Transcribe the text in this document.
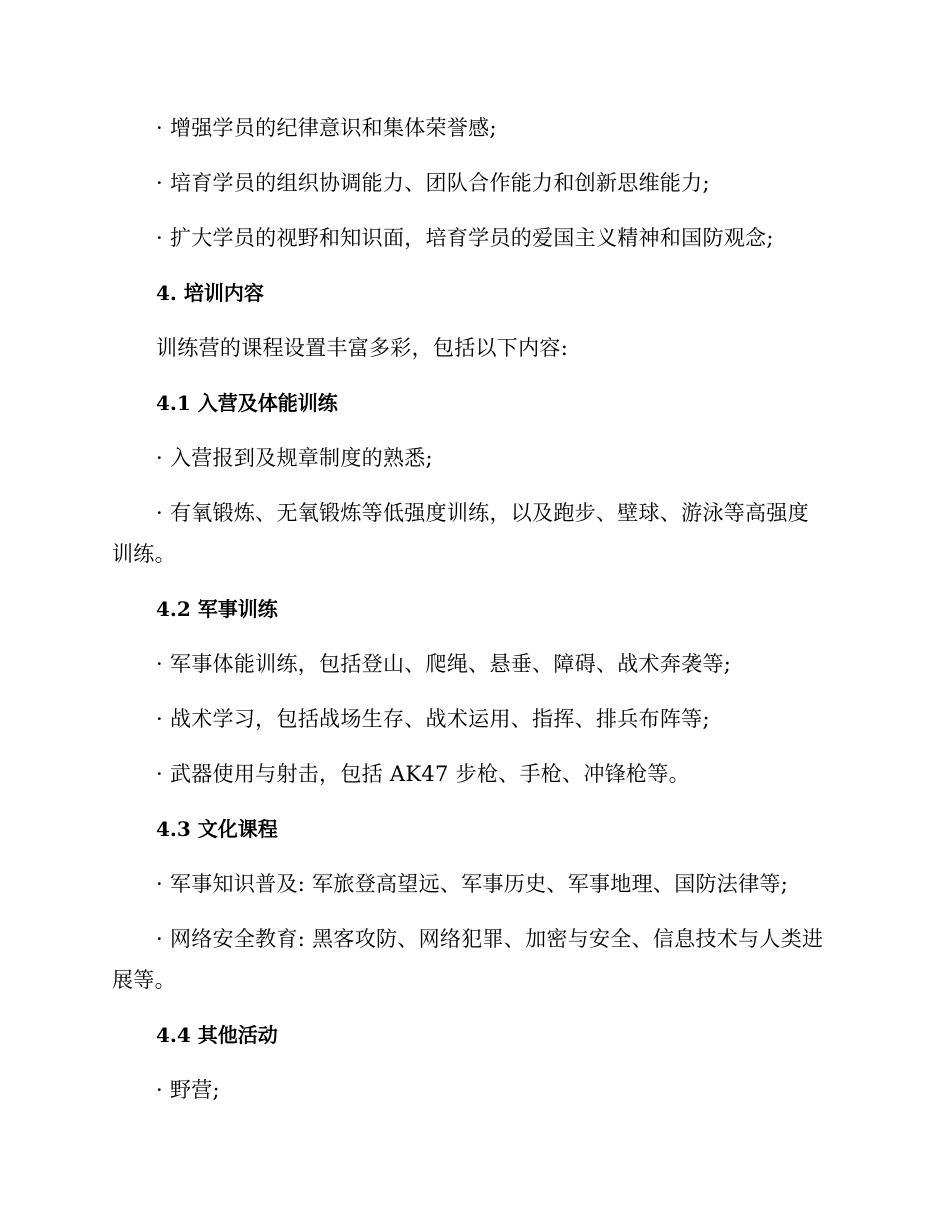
· 增强学员的纪律意识和集体荣誉感;

· 培育学员的组织协调能力、团队合作能力和创新思维能力;

· 扩大学员的视野和知识面，培育学员的爱国主义精神和国防观念;

4. 培训内容

训练营的课程设置丰富多彩，包括以下内容:

4.1 入营及体能训练

· 入营报到及规章制度的熟悉;

· 有氧锻炼、无氧锻炼等低强度训练，以及跑步、壁球、游泳等高强度训练。

4.2 军事训练

· 军事体能训练，包括登山、爬绳、悬垂、障碍、战术奔袭等;

· 战术学习，包括战场生存、战术运用、指挥、排兵布阵等;

· 武器使用与射击，包括 AK47 步枪、手枪、冲锋枪等。

4.3 文化课程

· 军事知识普及: 军旅登高望远、军事历史、军事地理、国防法律等;

· 网络安全教育: 黑客攻防、网络犯罪、加密与安全、信息技术与人类进展等。

4.4 其他活动

· 野营;
